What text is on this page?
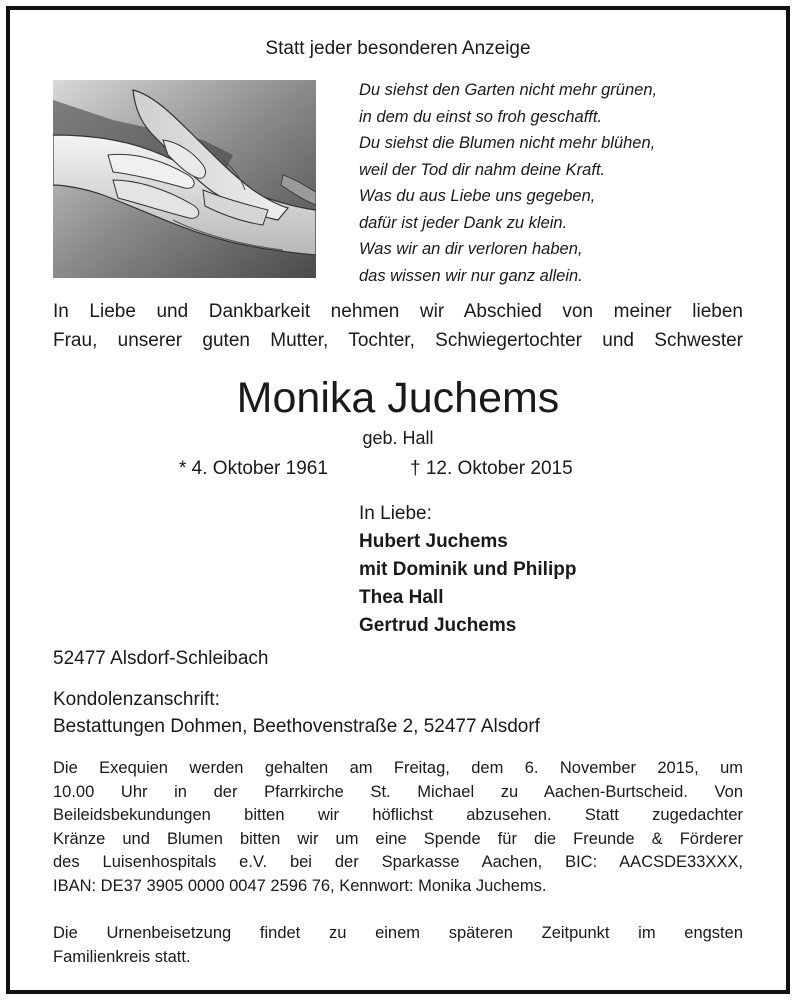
Statt jeder besonderen Anzeige
Du siehst den Garten nicht mehr grünen,
in dem du einst so froh geschafft.
Du siehst die Blumen nicht mehr blühen,
weil der Tod dir nahm deine Kraft.
Was du aus Liebe uns gegeben,
dafür ist jeder Dank zu klein.
Was wir an dir verloren haben,
das wissen wir nur ganz allein.
In Liebe und Dankbarkeit nehmen wir Abschied von meiner lieben
Frau, unserer guten Mutter, Tochter, Schwiegertochter und Schwester
Monika Juchems
geb. Hall
* 4. Oktober 1961	† 12. Oktober 2015
In Liebe:
Hubert Juchems
mit Dominik und Philipp
Thea Hall
Gertrud Juchems
52477 Alsdorf-Schleibach
Kondolenzanschrift:
Bestattungen Dohmen, Beethovenstraße 2, 52477 Alsdorf
Die Exequien werden gehalten am Freitag, dem 6. November 2015, um
10.00 Uhr in der Pfarrkirche St. Michael zu Aachen-Burtscheid. Von
Beileidsbekundungen bitten wir höflichst abzusehen. Statt zugedachter
Kränze und Blumen bitten wir um eine Spende für die Freunde & Förderer
des Luisenhospitals e.V. bei der Sparkasse Aachen, BIC: AACSDE33XXX,
IBAN: DE37 3905 0000 0047 2596 76, Kennwort: Monika Juchems.
Die Urnenbeisetzung findet zu einem späteren Zeitpunkt im engsten
Familienkreis statt.
